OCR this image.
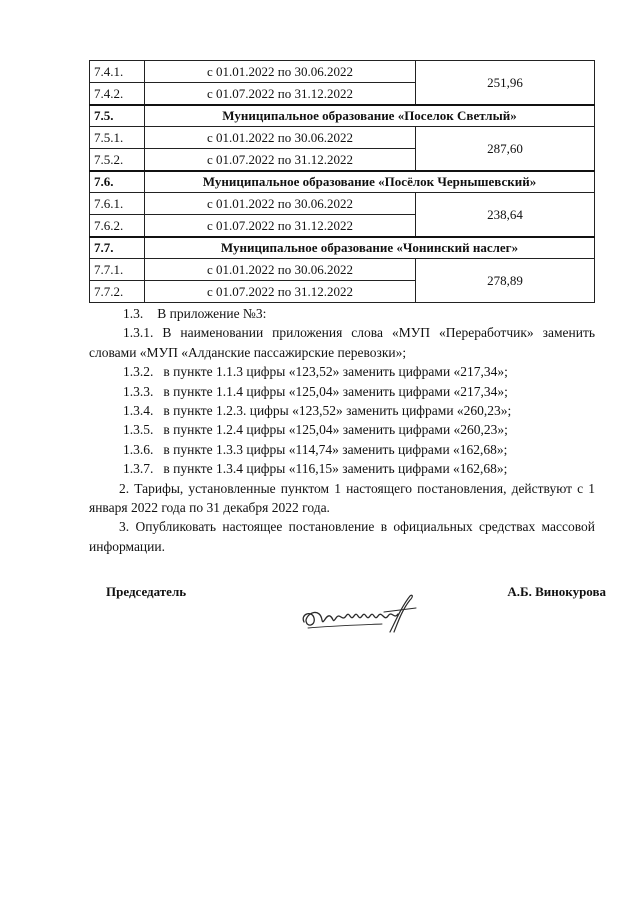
7.4.1.	с 01.01.2022 по 30.06.2022	251,96
7.4.2.	с 01.07.2022 по 31.12.2022	
7.5.	Муниципальное образование «Поселок Светлый»	
7.5.1.	с 01.01.2022 по 30.06.2022	287,60
7.5.2.	с 01.07.2022 по 31.12.2022	
7.6.	Муниципальное образование «Посёлок Чернышевский»	
7.6.1.	с 01.01.2022 по 30.06.2022	238,64
7.6.2.	с 01.07.2022 по 31.12.2022	
7.7.	Муниципальное образование «Чонинский наслег»	
7.7.1.	с 01.01.2022 по 30.06.2022	278,89
7.7.2.	с 01.07.2022 по 31.12.2022	

1.3. В приложение №3:

1.3.1. В наименовании приложения слова «МУП «Переработчик» заменить словами «МУП «Алданские пассажирские перевозки»;

1.3.2. в пункте 1.1.3 цифры «123,52» заменить цифрами «217,34»;

1.3.3. в пункте 1.1.4 цифры «125,04» заменить цифрами «217,34»;

1.3.4. в пункте 1.2.3. цифры «123,52» заменить цифрами «260,23»;

1.3.5. в пункте 1.2.4 цифры «125,04» заменить цифрами «260,23»;

1.3.6. в пункте 1.3.3 цифры «114,74» заменить цифрами «162,68»;

1.3.7. в пункте 1.3.4 цифры «116,15» заменить цифрами «162,68»;

2. Тарифы, установленные пунктом 1 настоящего постановления, действуют с 1 января 2022 года по 31 декабря 2022 года.

3. Опубликовать настоящее постановление в официальных средствах массовой информации.

Председатель	А.Б. Винокурова
